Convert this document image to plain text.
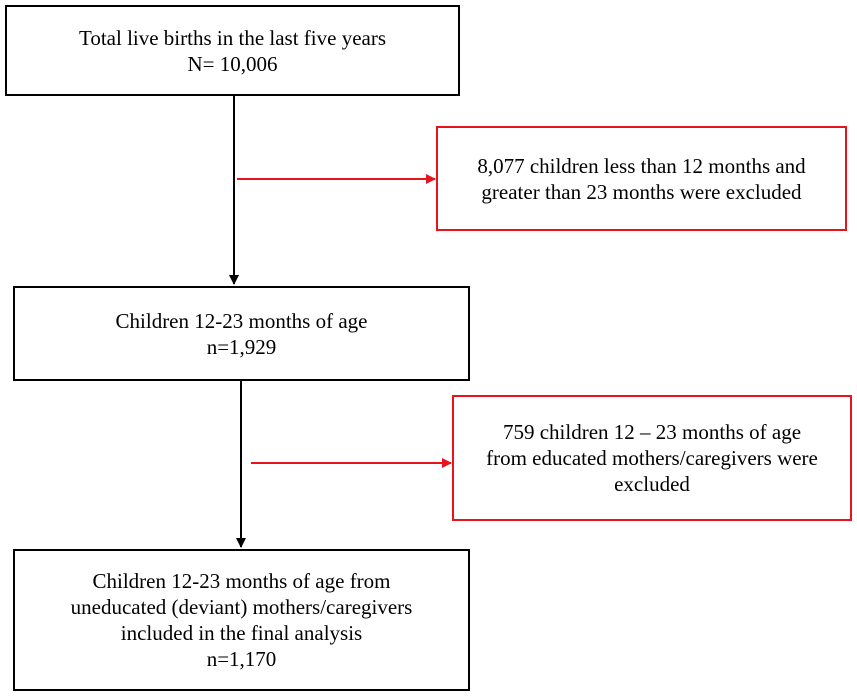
Total live births in the last five years
N= 10,006
8,077 children less than 12 months and
greater than 23 months were excluded
Children 12-23 months of age
n=1,929
759 children 12 – 23 months of age
from educated mothers/caregivers were
excluded
Children 12-23 months of age from
uneducated (deviant) mothers/caregivers
included in the final analysis
n=1,170
